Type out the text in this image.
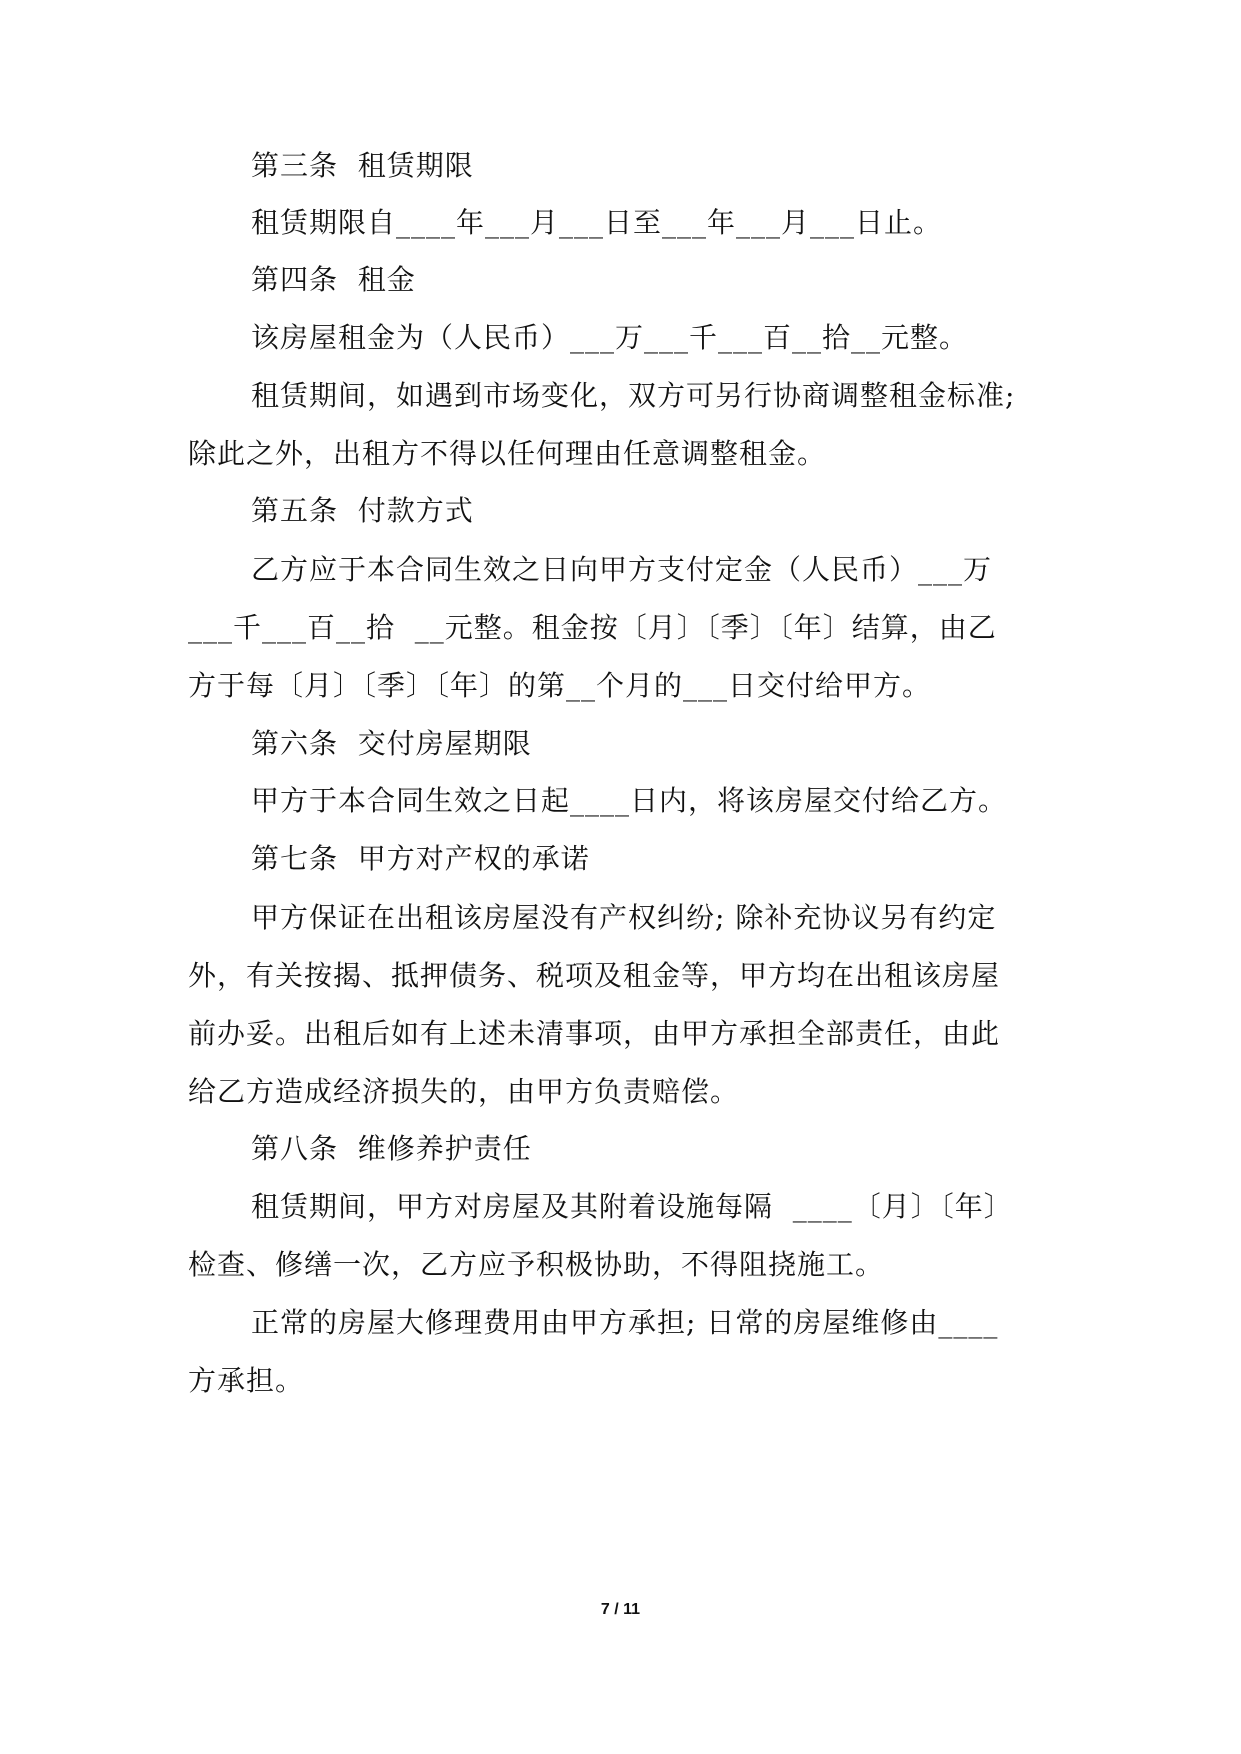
第三条  租赁期限

租赁期限自____年___月___日至___年___月___日止。

第四条  租金

该房屋租金为（人民币）___万___千___百__拾__元整。

租赁期间，如遇到市场变化，双方可另行协商调整租金标准;

除此之外，出租方不得以任何理由任意调整租金。

第五条  付款方式

乙方应于本合同生效之日向甲方支付定金（人民币）___万

___千___百__拾  __元整。租金按〔月〕〔季〕〔年〕结算，由乙

方于每〔月〕〔季〕〔年〕的第__个月的___日交付给甲方。

第六条  交付房屋期限

甲方于本合同生效之日起____日内，将该房屋交付给乙方。

第七条  甲方对产权的承诺

甲方保证在出租该房屋没有产权纠纷; 除补充协议另有约定

外，有关按揭、抵押债务、税项及租金等，甲方均在出租该房屋

前办妥。出租后如有上述未清事项，由甲方承担全部责任，由此

给乙方造成经济损失的，由甲方负责赔偿。

第八条  维修养护责任

租赁期间，甲方对房屋及其附着设施每隔  ____〔月〕〔年〕

检查、修缮一次，乙方应予积极协助，不得阻挠施工。

正常的房屋大修理费用由甲方承担; 日常的房屋维修由____

方承担。

7 / 11
